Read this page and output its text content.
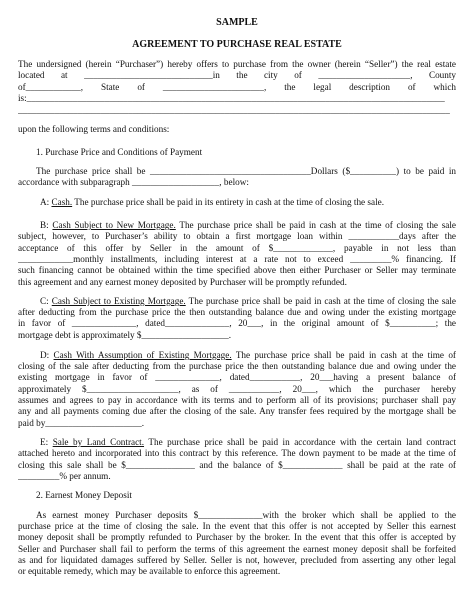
SAMPLE
AGREEMENT TO PURCHASE REAL ESTATE
The undersigned (herein “Purchaser”) hereby offers to purchase from the owner (herein “Seller”) the real estate
located at ____________________________in the city of ____________________, County
of____________, State of ______________________, the legal description of which
is:___________________________________________________________________________________________
______________________________________________________________________________________________
upon the following terms and conditions:
1. Purchase Price and Conditions of Payment
The purchase price shall be ___________________________________Dollars ($__________) to be paid in
accordance with subparagraph ___________________, below:
A: Cash. The purchase price shall be paid in its entirety in cash at the time of closing the sale.
B: Cash Subject to New Mortgage. The purchase price shall be paid in cash at the time of closing the sale
subject, however, to Purchaser’s ability to obtain a first mortgage loan within ___________days after the
acceptance of this offer by Seller in the amount of $_____________, payable in not less than
____________monthly installments, including interest at a rate not to exceed _________% financing. If
such financing cannot be obtained within the time specified above then either Purchaser or Seller may terminate
this agreement and any earnest money deposited by Purchaser will be promptly refunded.
C: Cash Subject to Existing Mortgage. The purchase price shall be paid in cash at the time of closing the sale
after deducting from the purchase price the then outstanding balance due and owing under the existing mortgage
in favor of ______________, dated______________, 20___, in the original amount of $__________; the
mortgage debt is approximately $___________________.
D: Cash With Assumption of Existing Mortgage. The purchase price shall be paid in cash at the time of
closing of the sale after deducting from the purchase price the then outstanding balance due and owing under the
existing mortgage in favor of ______________, dated___________, 20___having a present balance of
approximately $____________________, as of ___________, 20___, which the purchaser hereby
assumes and agrees to pay in accordance with its terms and to perform all of its provisions; purchaser shall pay
any and all payments coming due after the closing of the sale. Any transfer fees required by the mortgage shall be
paid by_____________________.
E: Sale by Land Contract. The purchase price shall be paid in accordance with the certain land contract
attached hereto and incorporated into this contract by this reference. The down payment to be made at the time of
closing this sale shall be $_______________ and the balance of $_____________ shall be paid at the rate of
_________% per annum.
2. Earnest Money Deposit
As earnest money Purchaser deposits $______________with the broker which shall be applied to the
purchase price at the time of closing the sale. In the event that this offer is not accepted by Seller this earnest
money deposit shall be promptly refunded to Purchaser by the broker. In the event that this offer is accepted by
Seller and Purchaser shall fail to perform the terms of this agreement the earnest money deposit shall be forfeited
as and for liquidated damages suffered by Seller. Seller is not, however, precluded from asserting any other legal
or equitable remedy, which may be available to enforce this agreement.
